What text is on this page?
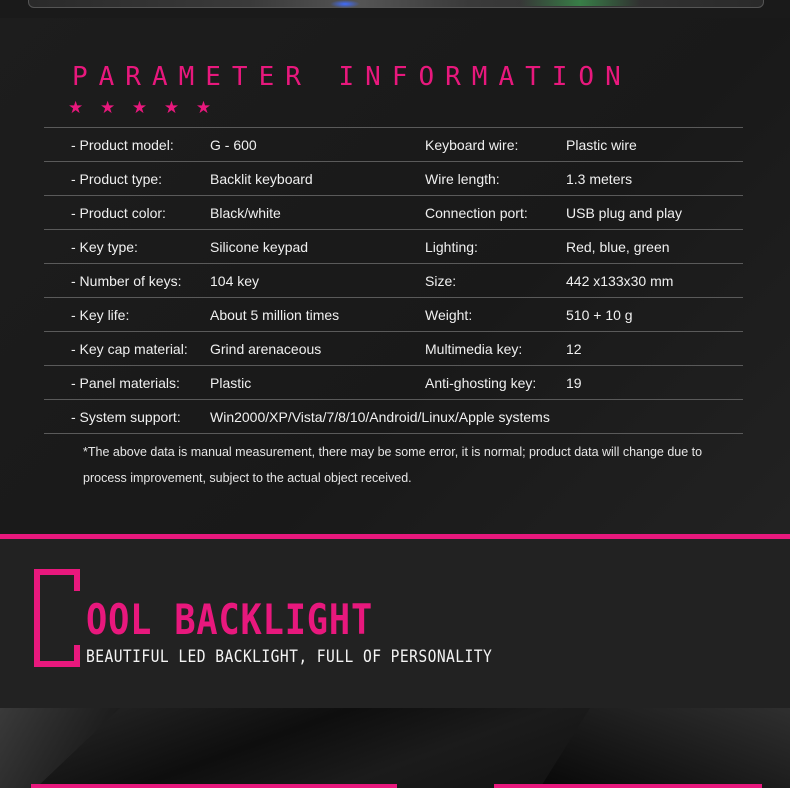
PARAMETER INFORMATION
★ ★ ★ ★ ★
- Product model:	G - 600	Keyboard wire:	Plastic wire
- Product type:	Backlit keyboard	Wire length:	1.3 meters
- Product color:	Black/white	Connection port:	USB plug and play
- Key type:	Silicone keypad	Lighting:	Red, blue, green
- Number of keys: 104 key	Size:	442 x133x30 mm
- Key life:	About 5 million times	Weight:	510 + 10 g
- Key cap material: Grind arenaceous	Multimedia key:	12
- Panel materials: Plastic	Anti-ghosting key: 19
- System support: Win2000/XP/Vista/7/8/10/Android/Linux/Apple systems
*The above data is manual measurement, there may be some error, it is normal; product data will change due to process improvement, subject to the actual object received.
OOL BACKLIGHT
BEAUTIFUL LED BACKLIGHT, FULL OF PERSONALITY
